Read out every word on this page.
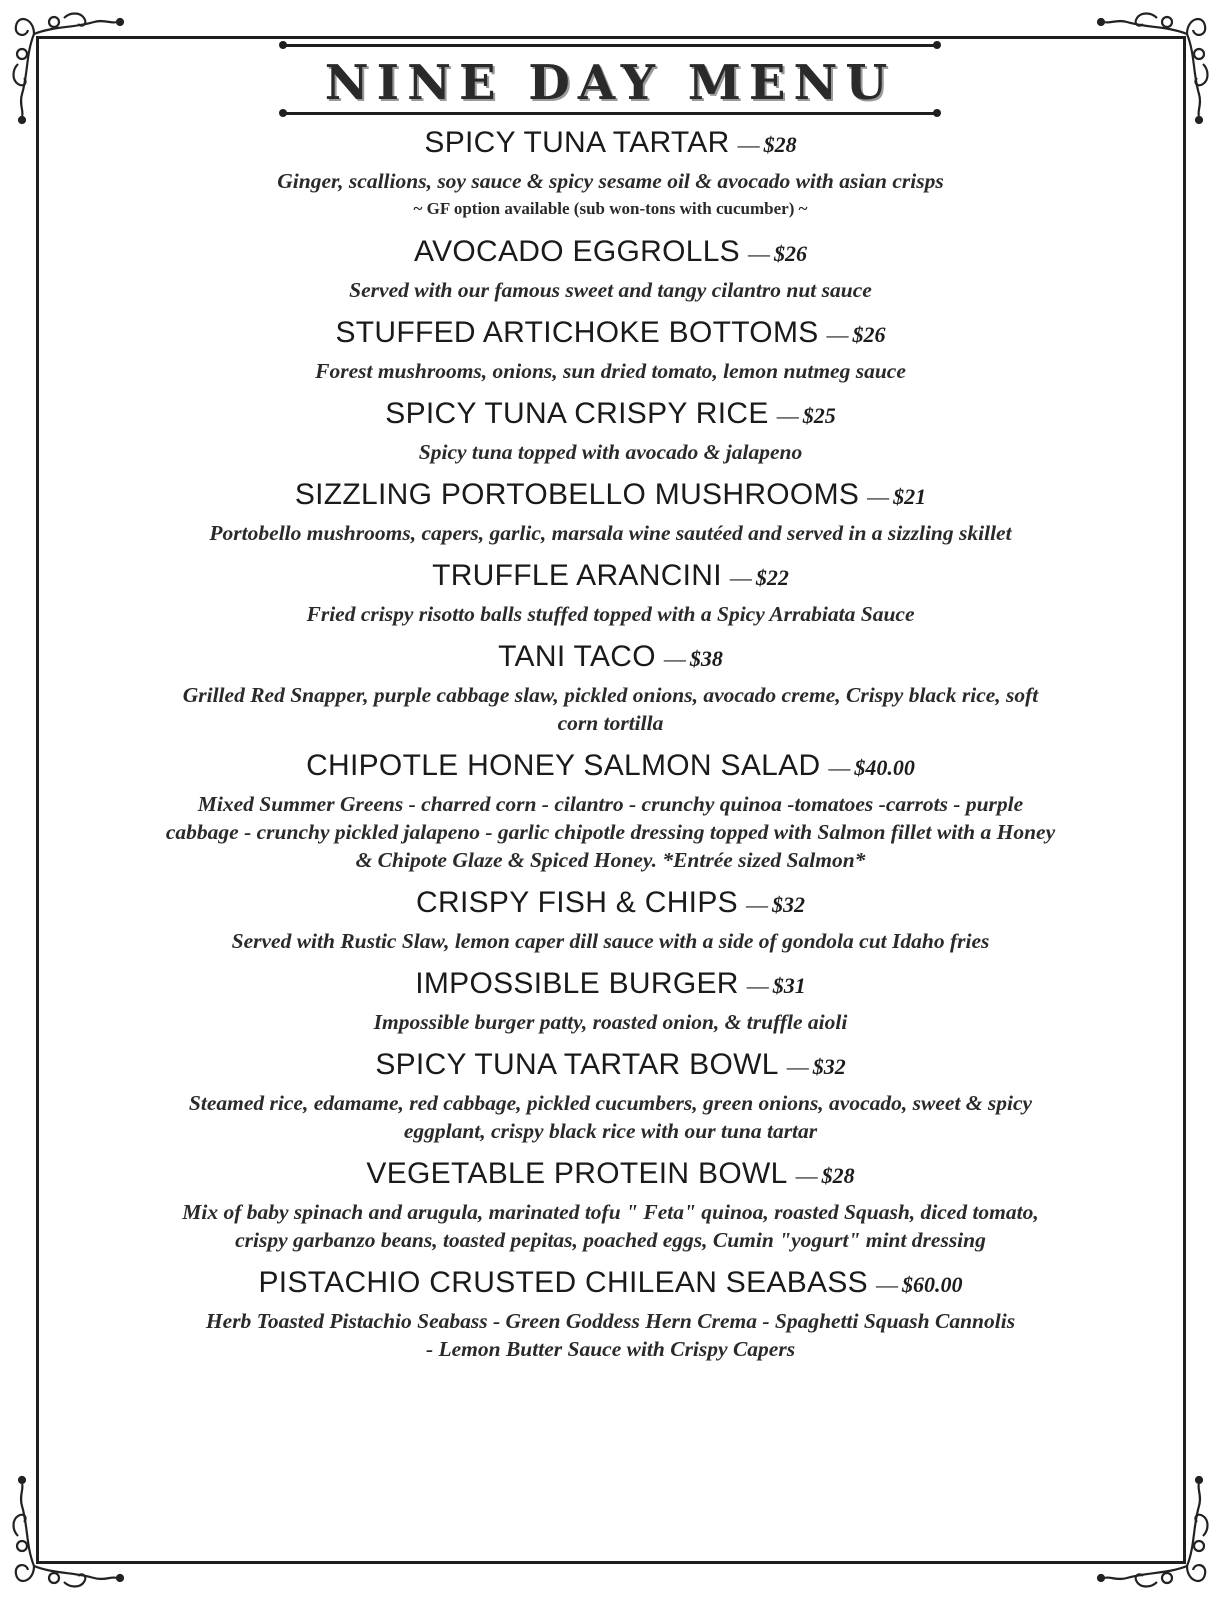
NINE DAY MENU
SPICY TUNA TARTAR — $28
Ginger, scallions, soy sauce & spicy sesame oil & avocado with asian crisps
~ GF option available (sub won-tons with cucumber) ~
AVOCADO EGGROLLS — $26
Served with our famous sweet and tangy cilantro nut sauce
STUFFED ARTICHOKE BOTTOMS — $26
Forest mushrooms, onions, sun dried tomato, lemon nutmeg sauce
SPICY TUNA CRISPY RICE — $25
Spicy tuna topped with avocado & jalapeno
SIZZLING PORTOBELLO MUSHROOMS — $21
Portobello mushrooms, capers, garlic, marsala wine sautéed and served in a sizzling skillet
TRUFFLE ARANCINI — $22
Fried crispy risotto balls stuffed topped with a Spicy Arrabiata Sauce
TANI TACO — $38
Grilled Red Snapper, purple cabbage slaw, pickled onions, avocado creme, Crispy black rice, soft corn tortilla
CHIPOTLE HONEY SALMON SALAD — $40.00
Mixed Summer Greens - charred corn - cilantro - crunchy quinoa -tomatoes -carrots - purple cabbage - crunchy pickled jalapeno - garlic chipotle dressing topped with Salmon fillet with a Honey & Chipote Glaze & Spiced Honey. *Entrée sized Salmon*
CRISPY FISH & CHIPS — $32
Served with Rustic Slaw, lemon caper dill sauce with a side of gondola cut Idaho fries
IMPOSSIBLE BURGER — $31
Impossible burger patty, roasted onion, & truffle aioli
SPICY TUNA TARTAR BOWL — $32
Steamed rice, edamame, red cabbage, pickled cucumbers, green onions, avocado, sweet & spicy eggplant, crispy black rice with our tuna tartar
VEGETABLE PROTEIN BOWL — $28
Mix of baby spinach and arugula, marinated tofu " Feta" quinoa, roasted Squash, diced tomato, crispy garbanzo beans, toasted pepitas, poached eggs, Cumin "yogurt" mint dressing
PISTACHIO CRUSTED CHILEAN SEABASS — $60.00
Herb Toasted Pistachio Seabass - Green Goddess Hern Crema - Spaghetti Squash Cannolis - Lemon Butter Sauce with Crispy Capers
